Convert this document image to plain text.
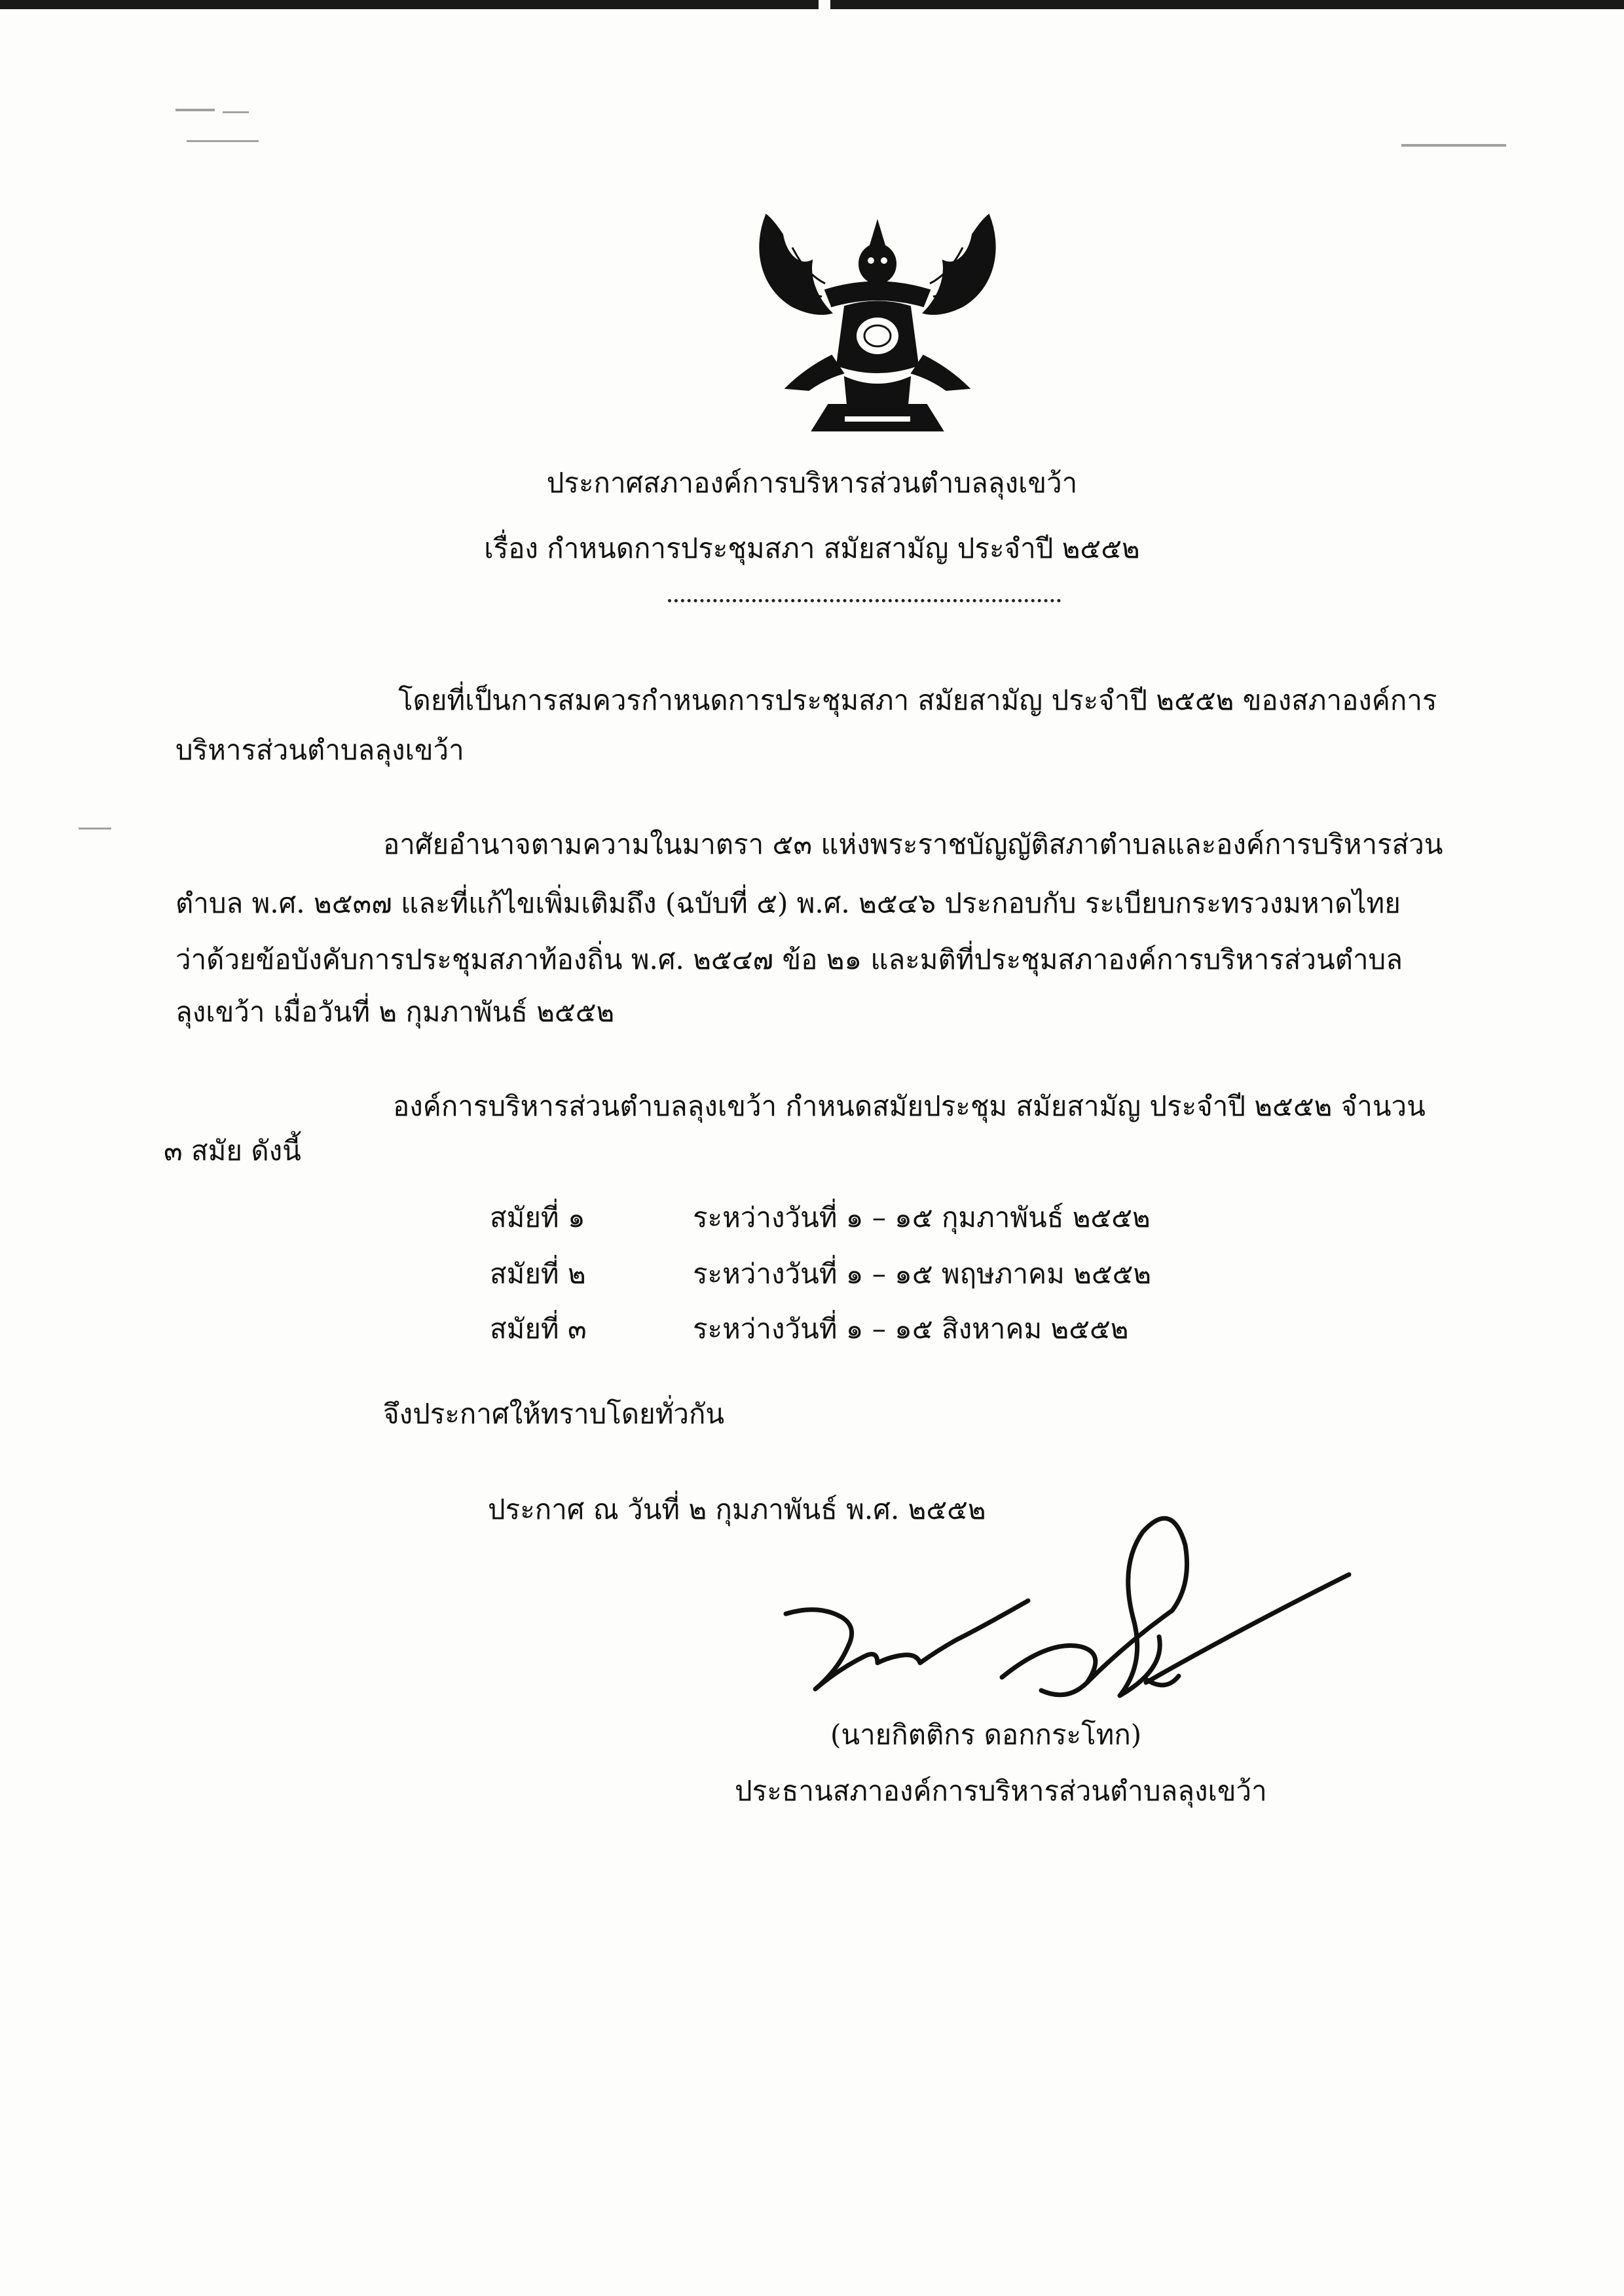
ประกาศสภาองค์การบริหารส่วนตำบลลุงเขว้า
เรื่อง กำหนดการประชุมสภา สมัยสามัญ ประจำปี ๒๕๕๒
โดยที่เป็นการสมควรกำหนดการประชุมสภา สมัยสามัญ ประจำปี ๒๕๕๒ ของสภาองค์การ
บริหารส่วนตำบลลุงเขว้า
อาศัยอำนาจตามความในมาตรา ๕๓ แห่งพระราชบัญญัติสภาตำบลและองค์การบริหารส่วน
ตำบล พ.ศ. ๒๕๓๗ และที่แก้ไขเพิ่มเติมถึง (ฉบับที่ ๕) พ.ศ. ๒๕๔๖ ประกอบกับ ระเบียบกระทรวงมหาดไทย
ว่าด้วยข้อบังคับการประชุมสภาท้องถิ่น พ.ศ. ๒๕๔๗ ข้อ ๒๑ และมติที่ประชุมสภาองค์การบริหารส่วนตำบล
ลุงเขว้า เมื่อวันที่ ๒ กุมภาพันธ์ ๒๕๕๒
องค์การบริหารส่วนตำบลลุงเขว้า กำหนดสมัยประชุม สมัยสามัญ ประจำปี ๒๕๕๒ จำนวน
๓ สมัย ดังนี้
สมัยที่ ๑	ระหว่างวันที่ ๑ – ๑๕ กุมภาพันธ์ ๒๕๕๒
สมัยที่ ๒	ระหว่างวันที่ ๑ – ๑๕ พฤษภาคม ๒๕๕๒
สมัยที่ ๓	ระหว่างวันที่ ๑ – ๑๕ สิงหาคม ๒๕๕๒
จึงประกาศให้ทราบโดยทั่วกัน
ประกาศ ณ วันที่ ๒ กุมภาพันธ์ พ.ศ. ๒๕๕๒
(นายกิตติกร ดอกกระโทก)
ประธานสภาองค์การบริหารส่วนตำบลลุงเขว้า
